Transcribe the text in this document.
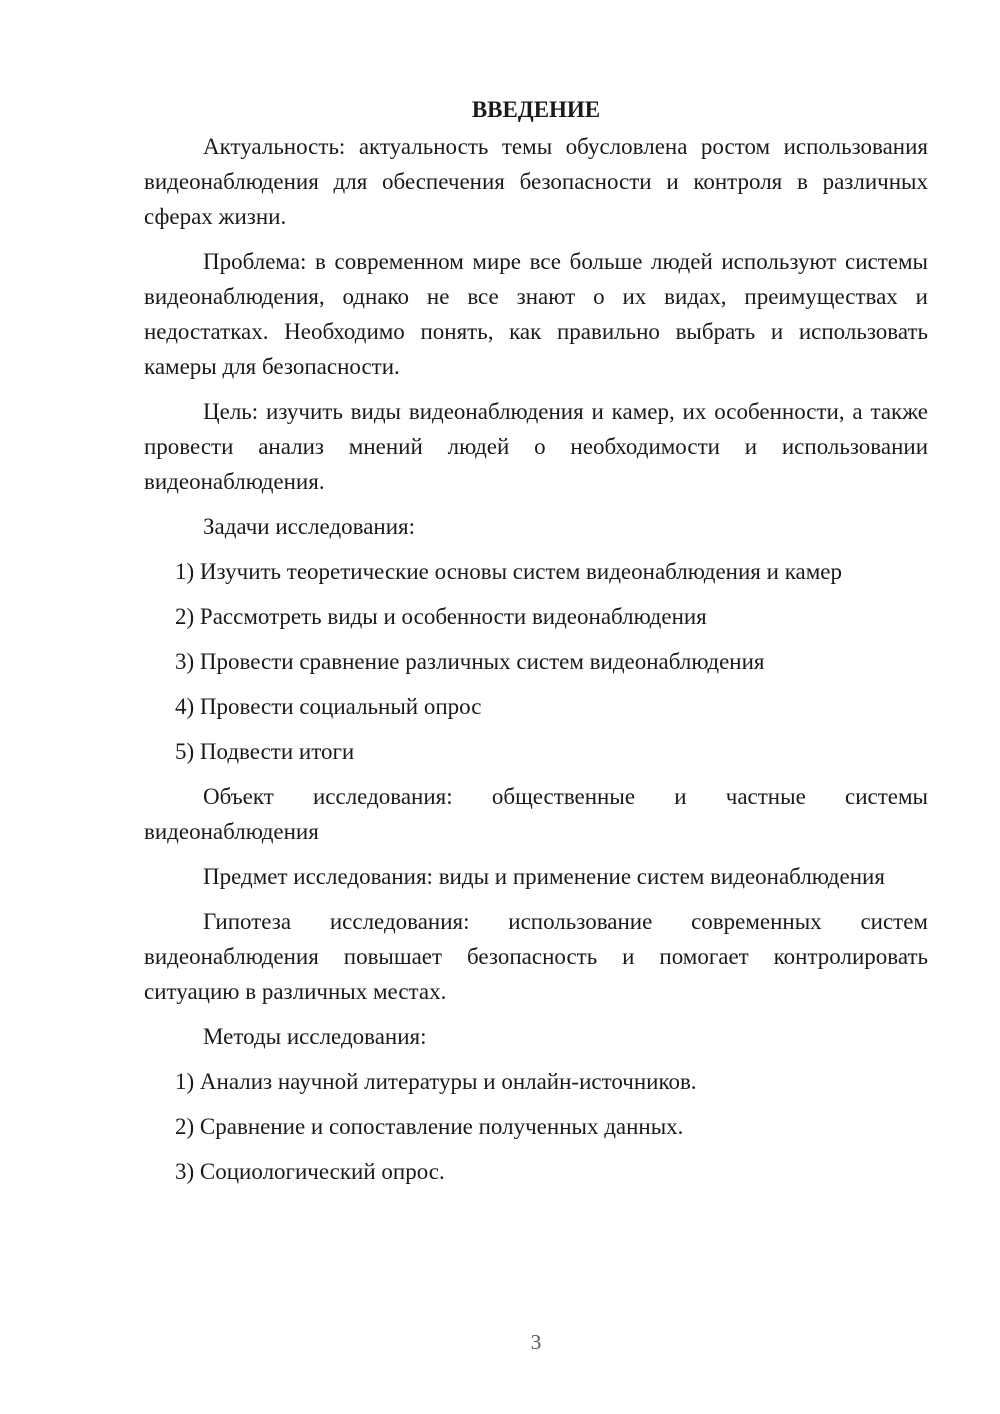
ВВЕДЕНИЕ

Актуальность: актуальность темы обусловлена ростом использования видеонаблюдения для обеспечения безопасности и контроля в различных сферах жизни.

Проблема: в современном мире все больше людей используют системы видеонаблюдения, однако не все знают о их видах, преимуществах и недостатках. Необходимо понять, как правильно выбрать и использовать камеры для безопасности.

Цель: изучить виды видеонаблюдения и камер, их особенности, а также провести анализ мнений людей о необходимости и использовании видеонаблюдения.

Задачи исследования:

1) Изучить теоретические основы систем видеонаблюдения и камер
2) Рассмотреть виды и особенности видеонаблюдения
3) Провести сравнение различных систем видеонаблюдения
4) Провести социальный опрос
5) Подвести итоги

Объект исследования: общественные и частные системы видеонаблюдения

Предмет исследования: виды и применение систем видеонаблюдения

Гипотеза исследования: использование современных систем видеонаблюдения повышает безопасность и помогает контролировать ситуацию в различных местах.

Методы исследования:

1) Анализ научной литературы и онлайн-источников.
2) Сравнение и сопоставление полученных данных.
3) Социологический опрос.
3
